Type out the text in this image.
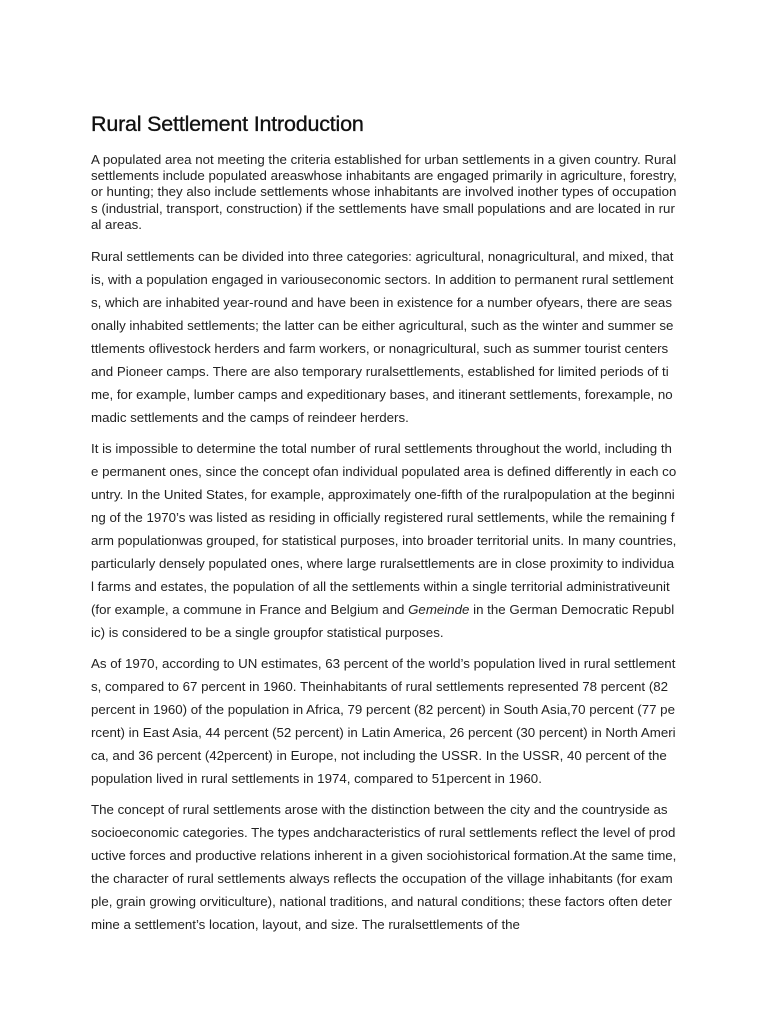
Rural Settlement Introduction

A populated area not meeting the criteria established for urban settlements in a given country. Rural settlements include populated areaswhose inhabitants are engaged primarily in agriculture, forestry, or hunting; they also include settlements whose inhabitants are involved inother types of occupations (industrial, transport, construction) if the settlements have small populations and are located in rural areas.

Rural settlements can be divided into three categories: agricultural, nonagricultural, and mixed, that is, with a population engaged in variouseconomic sectors. In addition to permanent rural settlements, which are inhabited year-round and have been in existence for a number ofyears, there are seasonally inhabited settlements; the latter can be either agricultural, such as the winter and summer settlements oflivestock herders and farm workers, or nonagricultural, such as summer tourist centers and Pioneer camps. There are also temporary ruralsettlements, established for limited periods of time, for example, lumber camps and expeditionary bases, and itinerant settlements, forexample, nomadic settlements and the camps of reindeer herders.

It is impossible to determine the total number of rural settlements throughout the world, including the permanent ones, since the concept ofan individual populated area is defined differently in each country. In the United States, for example, approximately one-fifth of the ruralpopulation at the beginning of the 1970’s was listed as residing in officially registered rural settlements, while the remaining farm populationwas grouped, for statistical purposes, into broader territorial units. In many countries, particularly densely populated ones, where large ruralsettlements are in close proximity to individual farms and estates, the population of all the settlements within a single territorial administrativeunit (for example, a commune in France and Belgium and Gemeinde in the German Democratic Republic) is considered to be a single groupfor statistical purposes.

As of 1970, according to UN estimates, 63 percent of the world’s population lived in rural settlements, compared to 67 percent in 1960. Theinhabitants of rural settlements represented 78 percent (82 percent in 1960) of the population in Africa, 79 percent (82 percent) in South Asia,70 percent (77 percent) in East Asia, 44 percent (52 percent) in Latin America, 26 percent (30 percent) in North America, and 36 percent (42percent) in Europe, not including the USSR. In the USSR, 40 percent of the population lived in rural settlements in 1974, compared to 51percent in 1960.

The concept of rural settlements arose with the distinction between the city and the countryside as socioeconomic categories. The types andcharacteristics of rural settlements reflect the level of productive forces and productive relations inherent in a given sociohistorical formation.At the same time, the character of rural settlements always reflects the occupation of the village inhabitants (for example, grain growing orviticulture), national traditions, and natural conditions; these factors often determine a settlement’s location, layout, and size. The ruralsettlements of the
